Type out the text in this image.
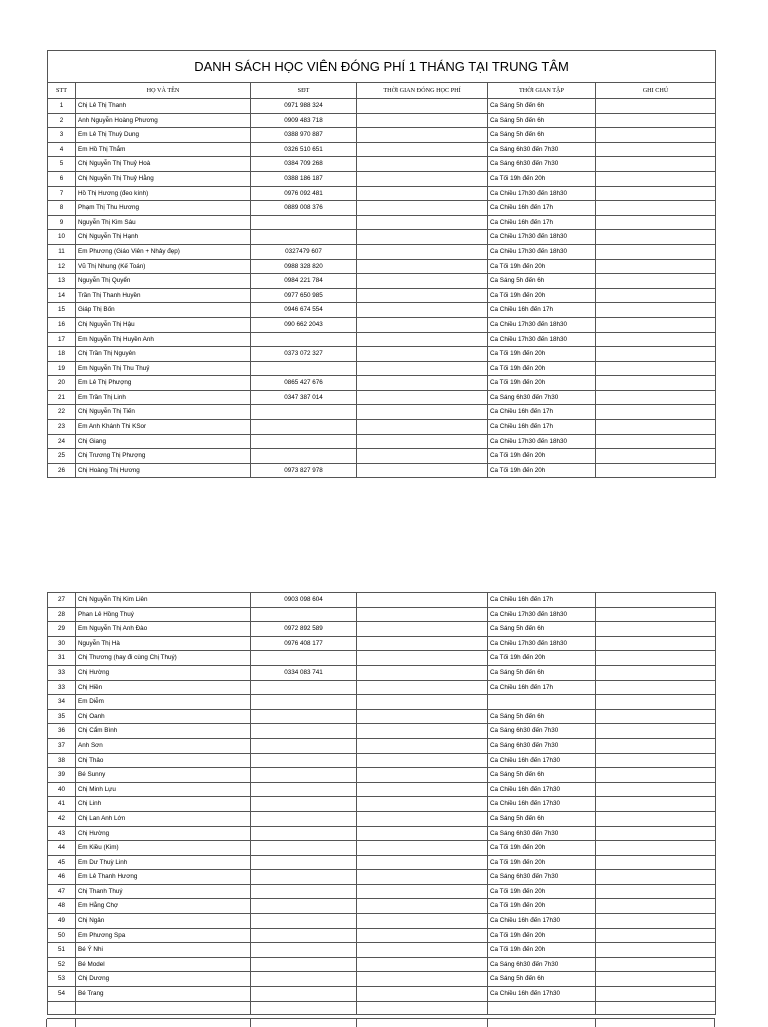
DANH SÁCH HỌC VIÊN ĐÓNG PHÍ 1 THÁNG TẠI TRUNG TÂM					
STT	HỌ VÀ TÊN	SĐT	THỜI GIAN ĐÓNG HỌC PHÍ	THỜI GIAN TẬP	GHI CHÚ
1	Chị Lê Thị Thanh	0971 988 324		Ca Sáng 5h đến 6h	
2	Anh Nguyễn Hoàng Phương	0909 483 718		Ca Sáng 5h đến 6h	
3	Em Lê Thị Thuỳ Dung	0388 970 887		Ca Sáng 5h đến 6h	
4	Em Hồ Thị Thắm	0326 510 651		Ca Sáng 6h30 đến 7h30	
5	Chị Nguyễn Thị Thuỷ Hoà	0384 709 268		Ca Sáng 6h30 đến 7h30	
6	Chị Nguyễn Thị Thuỷ Hằng	0388 186 187		Ca Tối 19h đến 20h	
7	Hồ Thị Hương (đeo kính)	0976 092 481		Ca Chiều 17h30 đến 18h30	
8	Phạm Thị Thu Hương	0889 008 376		Ca Chiều 16h đến 17h	
9	Nguyễn Thị Kim Sáu			Ca Chiều 16h đến 17h	
10	Chị Nguyễn Thị Hạnh			Ca Chiều 17h30 đến 18h30	
11	Em Phương (Giáo Viên + Nhảy đẹp)	0327479 607		Ca Chiều 17h30 đến 18h30	
12	Vũ Thị Nhung (Kế Toán)	0988 328 820		Ca Tối 19h đến 20h	
13	Nguyễn Thị Quyển	0984 221 784		Ca Sáng 5h đến 6h	
14	Trần Thị Thanh Huyền	0977 650 985		Ca Tối 19h đến 20h	
15	Giáp Thị Bốn	0946 674 554		Ca Chiều 16h đến 17h	
16	Chị Nguyễn Thị Hậu	090 662 2043		Ca Chiều 17h30 đến 18h30	
17	Em Nguyễn Thị Huyền Anh			Ca Chiều 17h30 đến 18h30	
18	Chị Trần Thị Nguyên	0373 072 327		Ca Tối 19h đến 20h	
19	Em Nguyễn Thị Thu Thuỷ			Ca Tối 19h đến 20h	
20	Em Lê Thị Phượng	0865 427 676		Ca Tối 19h đến 20h	
21	Em Trần Thị Linh	0347 387 014		Ca Sáng 6h30 đến 7h30	
22	Chị Nguyễn Thị Tiến			Ca Chiều 16h đến 17h	
23	Em Anh Khánh Thi KSor			Ca Chiều 16h đến 17h	
24	Chị Giang			Ca Chiều 17h30 đến 18h30	
25	Chị Trương Thị Phượng			Ca Tối 19h đến 20h	
26	Chị Hoàng Thị Hương	0973 827 978		Ca Tối 19h đến 20h	
27	Chị Nguyễn Thị Kim Liên	0903 098 604		Ca Chiều 16h đến 17h	
28	Phan Lê Hồng Thuý			Ca Chiều 17h30 đến 18h30	
29	Em Nguyễn Thị Anh Đào	0972 892 589		Ca Sáng 5h đến 6h	
30	Nguyễn Thị Hà	0976 408 177		Ca Chiều 17h30 đến 18h30	
31	Chị Thương (hay đi cùng Chị Thuý)			Ca Tối 19h đến 20h	
33	Chị Hường	0334 083 741		Ca Sáng 5h đến 6h	
33	Chị Hiền			Ca Chiều 16h đến 17h	
34	Em Diễm				
35	Chị Oanh			Ca Sáng 5h đến 6h	
36	Chị Cẩm Bình			Ca Sáng 6h30 đến 7h30	
37	Anh Sơn			Ca Sáng 6h30 đến 7h30	
38	Chị Thảo			Ca Chiều 16h đến 17h30	
39	Bé Sunny			Ca Sáng 5h đến 6h	
40	Chị Minh Lựu			Ca Chiều 16h đến 17h30	
41	Chị Linh			Ca Chiều 16h đến 17h30	
42	Chị Lan Anh Lớn			Ca Sáng 5h đến 6h	
43	Chị Hường			Ca Sáng 6h30 đến 7h30	
44	Em Kiều (Kim)			Ca Tối 19h đến 20h	
45	Em Dư Thuỳ Linh			Ca Tối 19h đến 20h	
46	Em Lê Thanh Hương			Ca Sáng 6h30 đến 7h30	
47	Chị Thanh Thuý			Ca Tối 19h đến 20h	
48	Em Hằng Chợ			Ca Tối 19h đến 20h	
49	Chị Ngân			Ca Chiều 16h đến 17h30	
50	Em Phương Spa			Ca Tối 19h đến 20h	
51	Bé Ý Nhi			Ca Tối 19h đến 20h	
52	Bé Model			Ca Sáng 6h30 đến 7h30	
53	Chị Dương			Ca Sáng 5h đến 6h	
54	Bé Trang			Ca Chiều 16h đến 17h30	
